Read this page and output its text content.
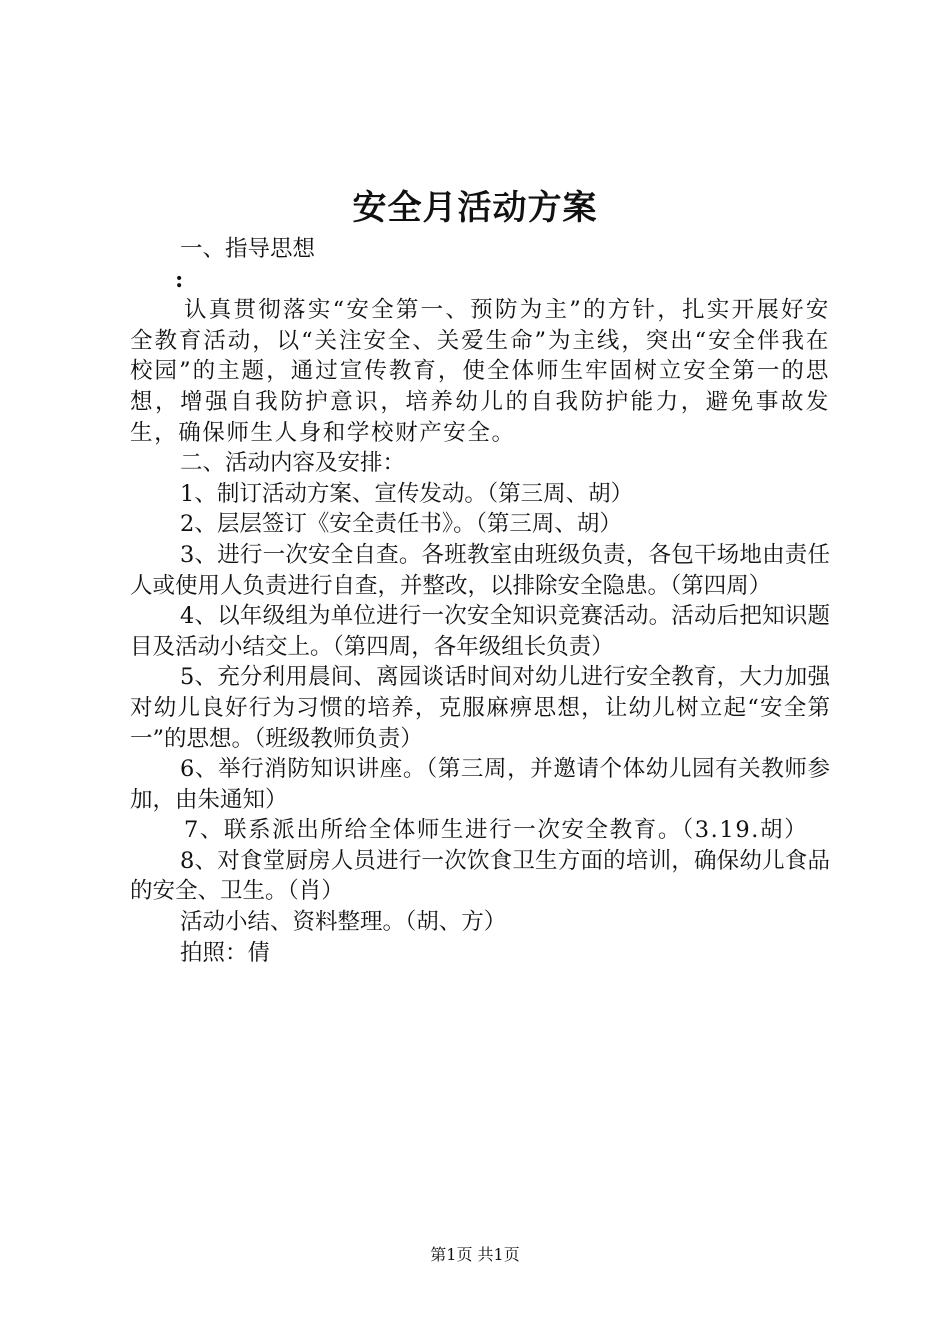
安全月活动方案

一、指导思想

:

认真贯彻落实“安全第一、预防为主”的方针，扎实开展好安全教育活动，以“关注安全、关爱生命”为主线，突出“安全伴我在校园”的主题，通过宣传教育，使全体师生牢固树立安全第一的思想，增强自我防护意识，培养幼儿的自我防护能力，避免事故发生，确保师生人身和学校财产安全。

二、活动内容及安排：

1、制订活动方案、宣传发动。（第三周、胡）

2、层层签订《安全责任书》。（第三周、胡）

3、进行一次安全自查。各班教室由班级负责，各包干场地由责任人或使用人负责进行自查，并整改，以排除安全隐患。（第四周）

4、以年级组为单位进行一次安全知识竞赛活动。活动后把知识题目及活动小结交上。（第四周，各年级组长负责）

5、充分利用晨间、离园谈话时间对幼儿进行安全教育，大力加强对幼儿良好行为习惯的培养，克服麻痹思想，让幼儿树立起“安全第一”的思想。（班级教师负责）

6、举行消防知识讲座。（第三周，并邀请个体幼儿园有关教师参加，由朱通知）

7、联系派出所给全体师生进行一次安全教育。（3.19.胡）

8、对食堂厨房人员进行一次饮食卫生方面的培训，确保幼儿食品的安全、卫生。（肖）

活动小结、资料整理。（胡、方）

拍照：倩

第1页 共1页
